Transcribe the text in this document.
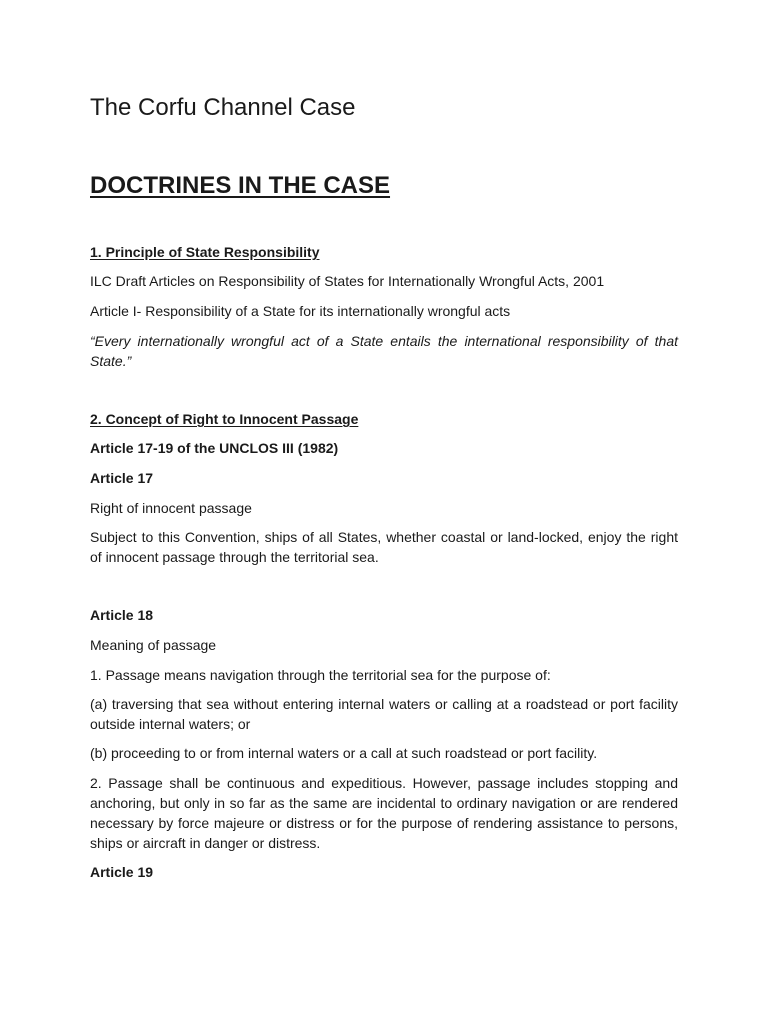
The Corfu Channel Case
DOCTRINES IN THE CASE
1. Principle of State Responsibility

ILC Draft Articles on Responsibility of States for Internationally Wrongful Acts, 2001

Article I- Responsibility of a State for its internationally wrongful acts

“Every internationally wrongful act of a State entails the international responsibility of that State.”

2. Concept of Right to Innocent Passage
Article 17-19 of the UNCLOS III (1982)
Article 17

Right of innocent passage

Subject to this Convention, ships of all States, whether coastal or land-locked, enjoy the right of innocent passage through the territorial sea.

Article 18

Meaning of passage

1. Passage means navigation through the territorial sea for the purpose of:

(a) traversing that sea without entering internal waters or calling at a roadstead or port facility outside internal waters; or

(b) proceeding to or from internal waters or a call at such roadstead or port facility.

2. Passage shall be continuous and expeditious. However, passage includes stopping and anchoring, but only in so far as the same are incidental to ordinary navigation or are rendered necessary by force majeure or distress or for the purpose of rendering assistance to persons, ships or aircraft in danger or distress.

Article 19
